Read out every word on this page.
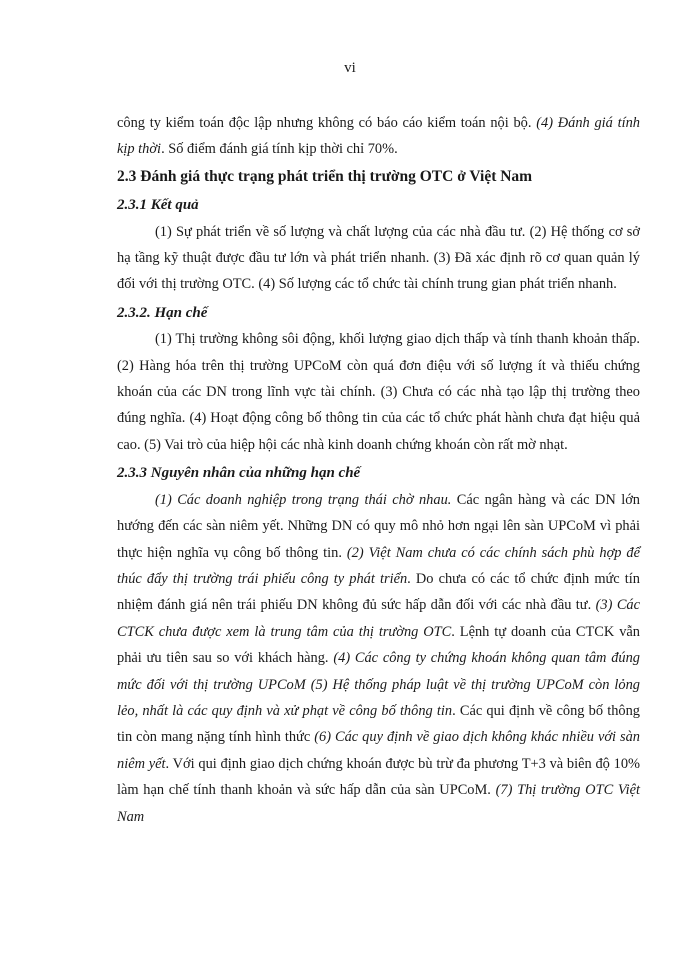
vi

công ty kiểm toán độc lập nhưng không có báo cáo kiểm toán nội bộ. (4) Đánh giá tính kịp thời. Số điểm đánh giá tính kịp thời chỉ 70%.

2.3 Đánh giá thực trạng phát triển thị trường OTC ở Việt Nam

2.3.1 Kết quả

(1) Sự phát triển về số lượng và chất lượng của các nhà đầu tư. (2) Hệ thống cơ sở hạ tầng kỹ thuật được đầu tư lớn và phát triển nhanh. (3) Đã xác định rõ cơ quan quản lý đối với thị trường OTC. (4) Số lượng các tổ chức tài chính trung gian phát triển nhanh.

2.3.2. Hạn chế

(1) Thị trường không sôi động, khối lượng giao dịch thấp và tính thanh khoản thấp. (2) Hàng hóa trên thị trường UPCoM còn quá đơn điệu với số lượng ít và thiếu chứng khoán của các DN trong lĩnh vực tài chính. (3) Chưa có các nhà tạo lập thị trường theo đúng nghĩa. (4) Hoạt động công bố thông tin của các tổ chức phát hành chưa đạt hiệu quả cao. (5) Vai trò của hiệp hội các nhà kinh doanh chứng khoán còn rất mờ nhạt.

2.3.3 Nguyên nhân của những hạn chế

(1) Các doanh nghiệp trong trạng thái chờ nhau. Các ngân hàng và các DN lớn hướng đến các sàn niêm yết. Những DN có quy mô nhỏ hơn ngại lên sàn UPCoM vì phải thực hiện nghĩa vụ công bố thông tin. (2) Việt Nam chưa có các chính sách phù hợp để thúc đẩy thị trường trái phiếu công ty phát triển. Do chưa có các tổ chức định mức tín nhiệm đánh giá nên trái phiếu DN không đủ sức hấp dẫn đối với các nhà đầu tư. (3) Các CTCK chưa được xem là trung tâm của thị trường OTC. Lệnh tự doanh của CTCK vẫn phải ưu tiên sau so với khách hàng. (4) Các công ty chứng khoán không quan tâm đúng mức đối với thị trường UPCoM (5) Hệ thống pháp luật về thị trường UPCoM còn lỏng lẻo, nhất là các quy định và xử phạt về công bố thông tin. Các qui định về công bố thông tin còn mang nặng tính hình thức (6) Các quy định về giao dịch không khác nhiều với sàn niêm yết. Với qui định giao dịch chứng khoán được bù trừ đa phương T+3 và biên độ 10% làm hạn chế tính thanh khoản và sức hấp dẫn của sàn UPCoM. (7) Thị trường OTC Việt Nam
